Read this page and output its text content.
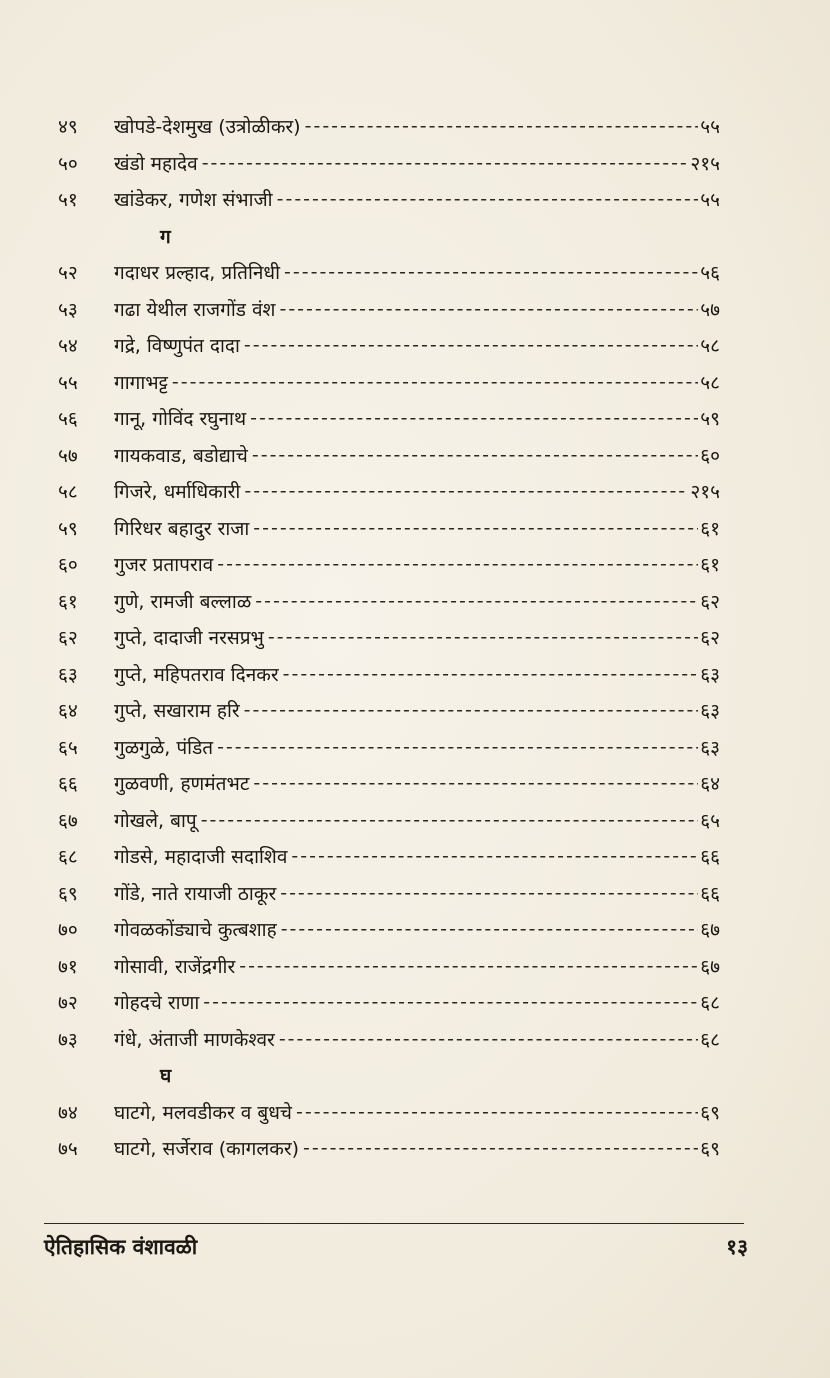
४९	खोपडे-देशमुख (उत्रोळीकर) -----	५५
५०	खंडो महादेव -----	२१५
५१	खांडेकर, गणेश संभाजी -----	५५
ग
५२	गदाधर प्रल्हाद, प्रतिनिधी -----	५६
५३	गढा येथील राजगोंड वंश -----	५७
५४	गद्रे, विष्णुपंत दादा -----	५८
५५	गागाभट्ट -----	५८
५६	गानू, गोविंद रघुनाथ -----	५९
५७	गायकवाड, बडोद्याचे -----	६०
५८	गिजरे, धर्माधिकारी -----	२१५
५९	गिरिधर बहादुर राजा -----	६१
६०	गुजर प्रतापराव -----	६१
६१	गुणे, रामजी बल्लाळ -----	६२
६२	गुप्ते, दादाजी नरसप्रभु -----	६२
६३	गुप्ते, महिपतराव दिनकर -----	६३
६४	गुप्ते, सखाराम हरि -----	६३
६५	गुळगुळे, पंडित -----	६३
६६	गुळवणी, हणमंतभट -----	६४
६७	गोखले, बापू -----	६५
६८	गोडसे, महादाजी सदाशिव -----	६६
६९	गोंडे, नाते रायाजी ठाकूर -----	६६
७०	गोवळकोंड्याचे कुत्बशाह -----	६७
७१	गोसावी, राजेंद्रगीर -----	६७
७२	गोहदचे राणा -----	६८
७३	गंधे, अंताजी माणकेश्वर -----	६८
घ
७४	घाटगे, मलवडीकर व बुधचे -----	६९
७५	घाटगे, सर्जेराव (कागलकर) -----	६९
ऐतिहासिक वंशावळी	१३
